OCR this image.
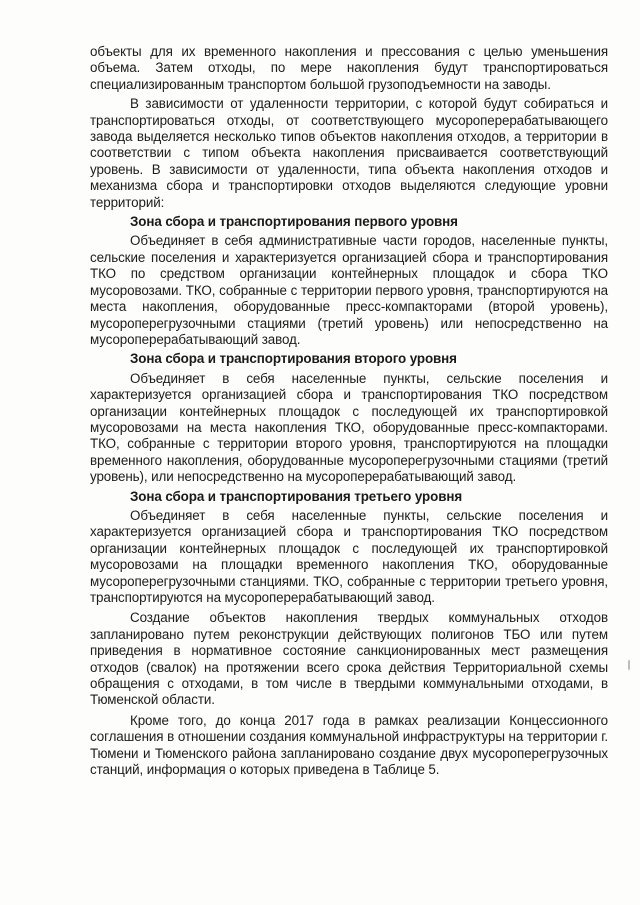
объекты для их временного накопления и прессования с целью уменьшения объема. Затем отходы, по мере накопления будут транспортироваться специализированным транспортом большой грузоподъемности на заводы.

В зависимости от удаленности территории, с которой будут собираться и транспортироваться отходы, от соответствующего мусороперерабатывающего завода выделяется несколько типов объектов накопления отходов, а территории в соответствии с типом объекта накопления присваивается соответствующий уровень. В зависимости от удаленности, типа объекта накопления отходов и механизма сбора и транспортировки отходов выделяются следующие уровни территорий:

Зона сбора и транспортирования первого уровня

Объединяет в себя административные части городов, населенные пункты, сельские поселения и характеризуется организацией сбора и транспортирования ТКО по средством организации контейнерных площадок и сбора ТКО мусоровозами. ТКО, собранные с территории первого уровня, транспортируются на места накопления, оборудованные пресс-компакторами (второй уровень), мусороперегрузочными стациями (третий уровень) или непосредственно на мусороперерабатывающий завод.

Зона сбора и транспортирования второго уровня

Объединяет в себя населенные пункты, сельские поселения и характеризуется организацией сбора и транспортирования ТКО посредством организации контейнерных площадок с последующей их транспортировкой мусоровозами на места накопления ТКО, оборудованные пресс-компакторами. ТКО, собранные с территории второго уровня, транспортируются на площадки временного накопления, оборудованные мусороперегрузочными стациями (третий уровень), или непосредственно на мусороперерабатывающий завод.

Зона сбора и транспортирования третьего уровня

Объединяет в себя населенные пункты, сельские поселения и характеризуется организацией сбора и транспортирования ТКО посредством организации контейнерных площадок с последующей их транспортировкой мусоровозами на площадки временного накопления ТКО, оборудованные мусороперегрузочными станциями. ТКО, собранные с территории третьего уровня, транспортируются на мусороперерабатывающий завод.

Создание объектов накопления твердых коммунальных отходов запланировано путем реконструкции действующих полигонов ТБО или путем приведения в нормативное состояние санкционированных мест размещения отходов (свалок) на протяжении всего срока действия Территориальной схемы обращения с отходами, в том числе в твердыми коммунальными отходами, в Тюменской области.

Кроме того, до конца 2017 года в рамках реализации Концессионного соглашения в отношении создания коммунальной инфраструктуры на территории г. Тюмени и Тюменского района запланировано создание двух мусороперегрузочных станций, информация о которых приведена в Таблице 5.
